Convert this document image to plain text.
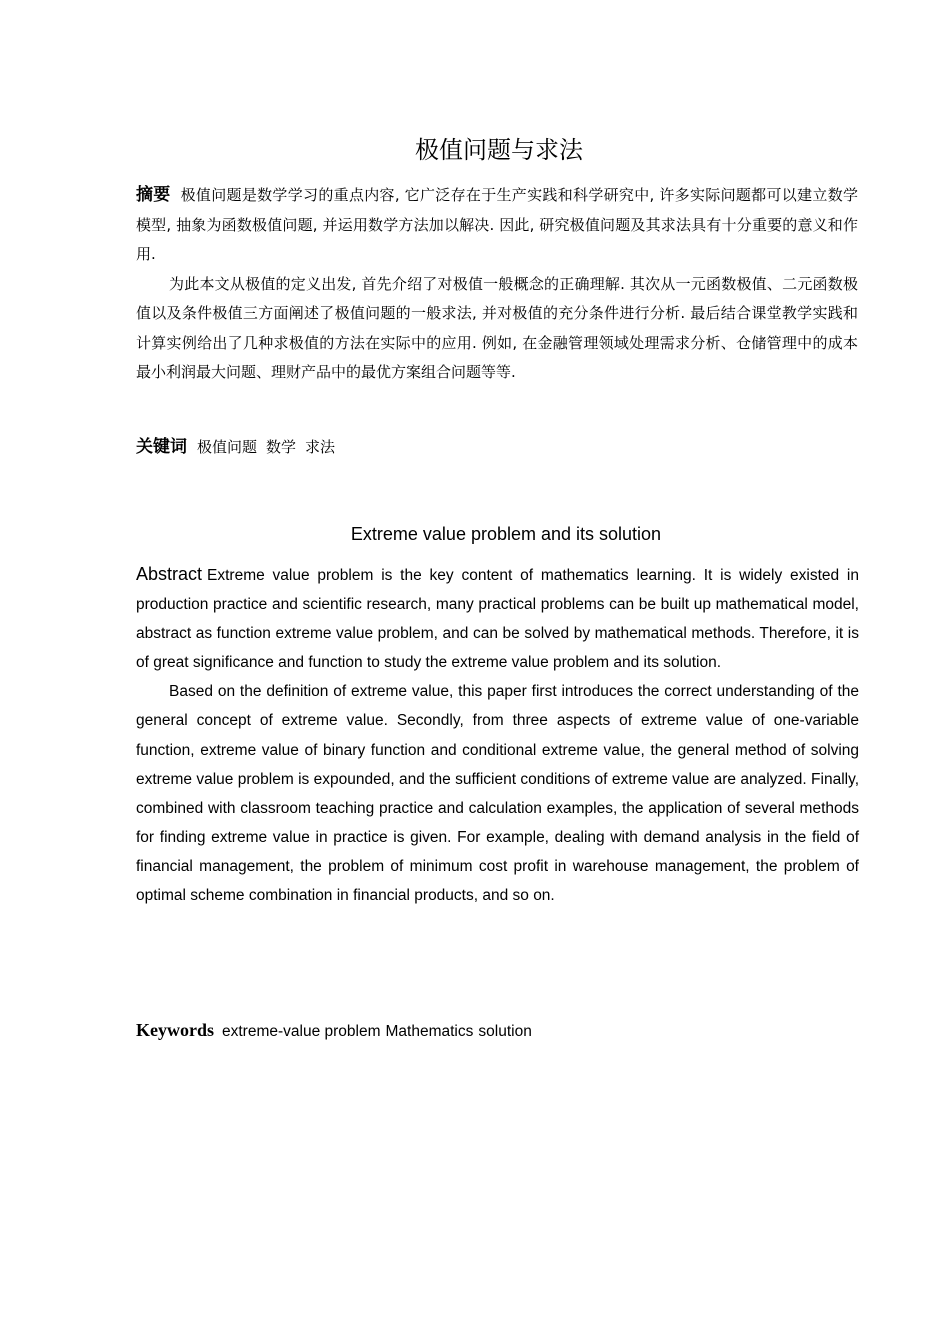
极值问题与求法

摘要 极值问题是数学学习的重点内容, 它广泛存在于生产实践和科学研究中, 许多实际问题都可以建立数学模型, 抽象为函数极值问题, 并运用数学方法加以解决. 因此, 研究极值问题及其求法具有十分重要的意义和作用.

为此本文从极值的定义出发, 首先介绍了对极值一般概念的正确理解. 其次从一元函数极值、二元函数极值以及条件极值三方面阐述了极值问题的一般求法, 并对极值的充分条件进行分析. 最后结合课堂教学实践和计算实例给出了几种求极值的方法在实际中的应用. 例如, 在金融管理领域处理需求分析、仓储管理中的成本最小利润最大问题、理财产品中的最优方案组合问题等等.

关键词 极值问题 数学 求法
Extreme value problem and its solution

Abstract Extreme value problem is the key content of mathematics learning. It is widely existed in production practice and scientific research, many practical problems can be built up mathematical model, abstract as function extreme value problem, and can be solved by mathematical methods. Therefore, it is of great significance and function to study the extreme value problem and its solution.

Based on the definition of extreme value, this paper first introduces the correct understanding of the general concept of extreme value. Secondly, from three aspects of extreme value of one-variable function, extreme value of binary function and conditional extreme value, the general method of solving extreme value problem is expounded, and the sufficient conditions of extreme value are analyzed. Finally, combined with classroom teaching practice and calculation examples, the application of several methods for finding extreme value in practice is given. For example, dealing with demand analysis in the field of financial management, the problem of minimum cost profit in warehouse management, the problem of optimal scheme combination in financial products, and so on.

Keywords extreme-value problem Mathematics solution
